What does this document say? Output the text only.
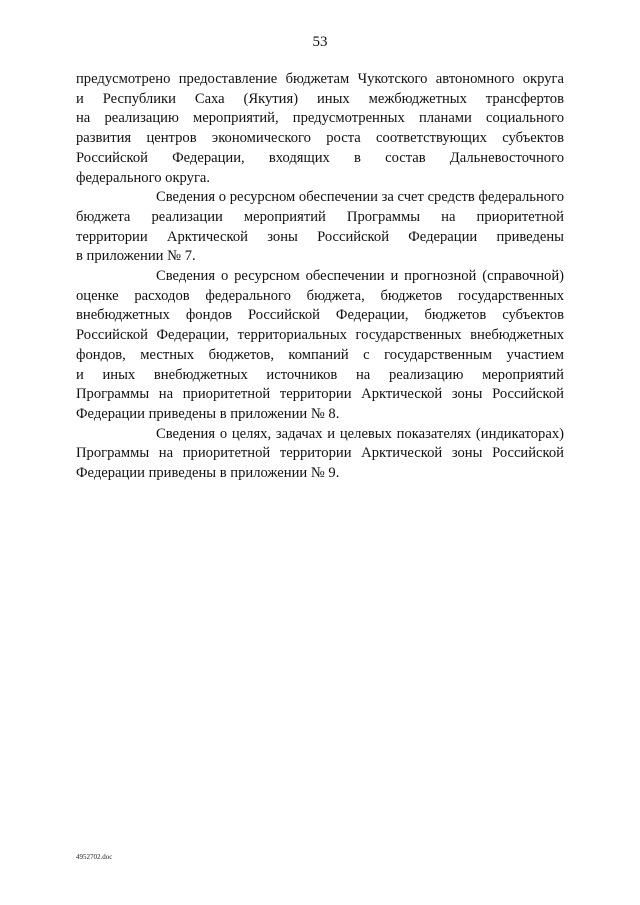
53

предусмотрено предоставление бюджетам Чукотского автономного округа
и Республики Саха (Якутия) иных межбюджетных трансфертов
на реализацию мероприятий, предусмотренных планами социального
развития центров экономического роста соответствующих субъектов
Российской Федерации, входящих в состав Дальневосточного
федерального округа.

Сведения о ресурсном обеспечении за счет средств федерального
бюджета реализации мероприятий Программы на приоритетной
территории Арктической зоны Российской Федерации приведены
в приложении № 7.

Сведения о ресурсном обеспечении и прогнозной (справочной)
оценке расходов федерального бюджета, бюджетов государственных
внебюджетных фондов Российской Федерации, бюджетов субъектов
Российской Федерации, территориальных государственных внебюджетных
фондов, местных бюджетов, компаний с государственным участием
и иных внебюджетных источников на реализацию мероприятий
Программы на приоритетной территории Арктической зоны Российской
Федерации приведены в приложении № 8.

Сведения о целях, задачах и целевых показателях (индикаторах)
Программы на приоритетной территории Арктической зоны Российской
Федерации приведены в приложении № 9.

4952702.doc
